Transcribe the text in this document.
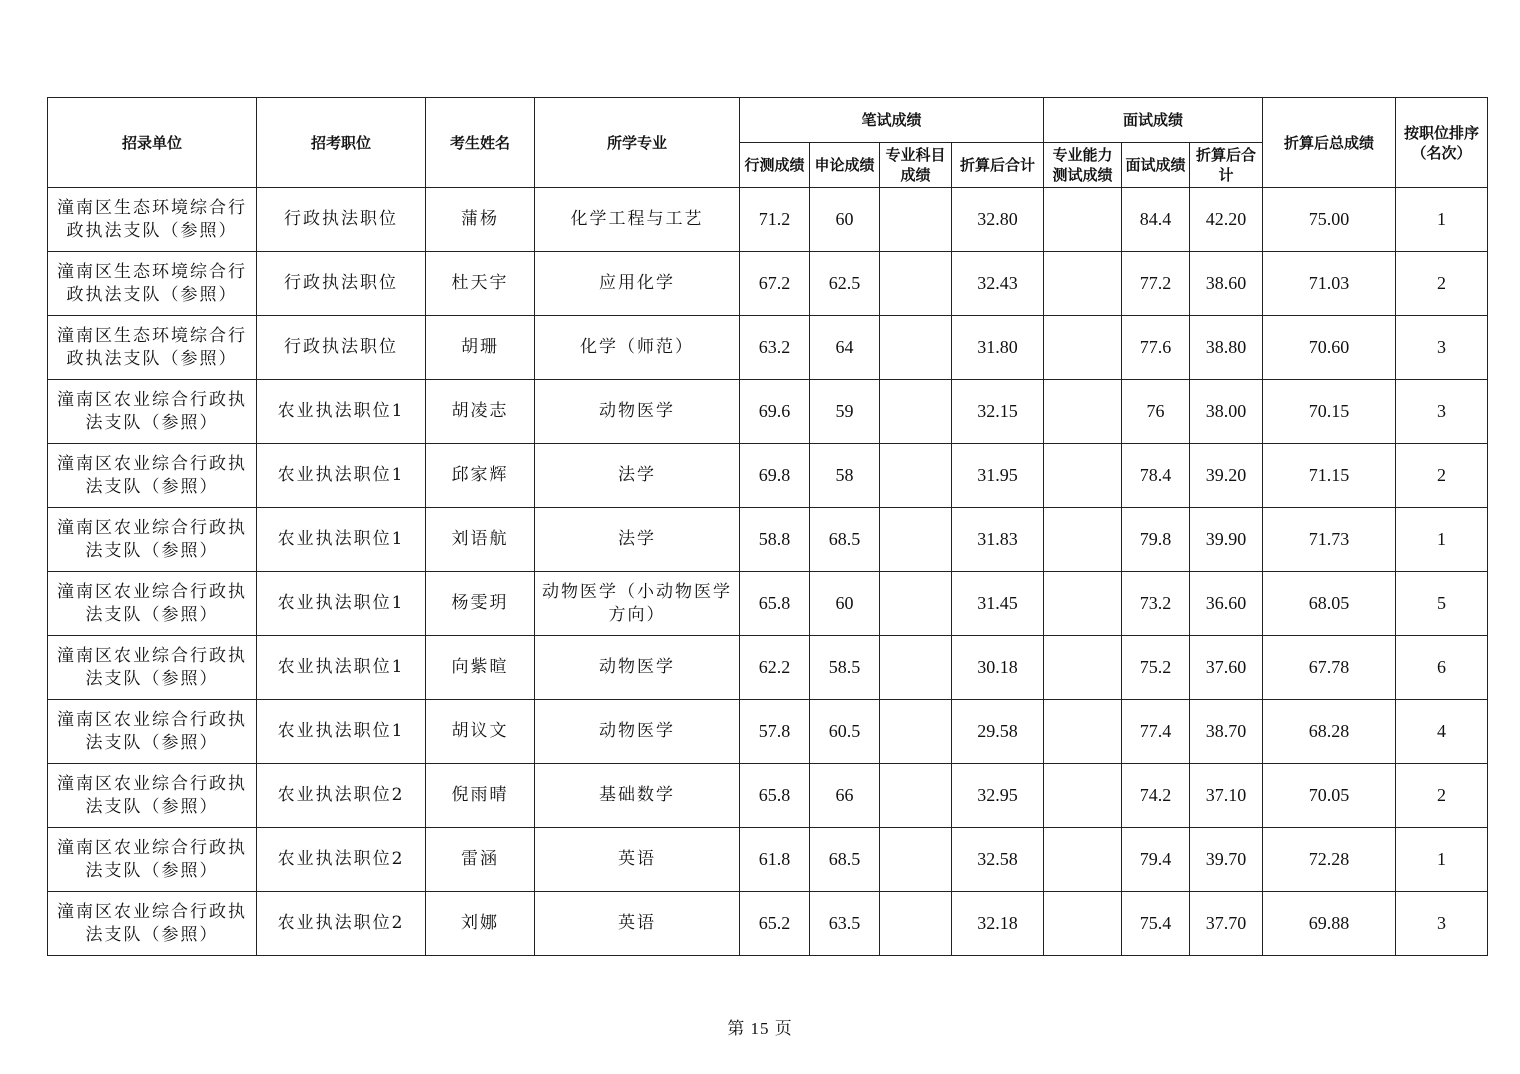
招录单位	招考职位	考生姓名	所学专业	笔试成绩				面试成绩			折算后总成绩	按职位排序（名次）
				行测成绩	申论成绩	专业科目成绩	折算后合计	专业能力测试成绩	面试成绩	折算后合计		
潼南区生态环境综合行政执法支队（参照）	行政执法职位	蒲杨	化学工程与工艺	71.2	60		32.80		84.4	42.20	75.00	1
潼南区生态环境综合行政执法支队（参照）	行政执法职位	杜天宇	应用化学	67.2	62.5		32.43		77.2	38.60	71.03	2
潼南区生态环境综合行政执法支队（参照）	行政执法职位	胡珊	化学（师范）	63.2	64		31.80		77.6	38.80	70.60	3
潼南区农业综合行政执法支队（参照）	农业执法职位1	胡凌志	动物医学	69.6	59		32.15		76	38.00	70.15	3
潼南区农业综合行政执法支队（参照）	农业执法职位1	邱家辉	法学	69.8	58		31.95		78.4	39.20	71.15	2
潼南区农业综合行政执法支队（参照）	农业执法职位1	刘语航	法学	58.8	68.5		31.83		79.8	39.90	71.73	1
潼南区农业综合行政执法支队（参照）	农业执法职位1	杨雯玥	动物医学（小动物医学方向）	65.8	60		31.45		73.2	36.60	68.05	5
潼南区农业综合行政执法支队（参照）	农业执法职位1	向紫暄	动物医学	62.2	58.5		30.18		75.2	37.60	67.78	6
潼南区农业综合行政执法支队（参照）	农业执法职位1	胡议文	动物医学	57.8	60.5		29.58		77.4	38.70	68.28	4
潼南区农业综合行政执法支队（参照）	农业执法职位2	倪雨晴	基础数学	65.8	66		32.95		74.2	37.10	70.05	2
潼南区农业综合行政执法支队（参照）	农业执法职位2	雷涵	英语	61.8	68.5		32.58		79.4	39.70	72.28	1
潼南区农业综合行政执法支队（参照）	农业执法职位2	刘娜	英语	65.2	63.5		32.18		75.4	37.70	69.88	3
第 15 页
